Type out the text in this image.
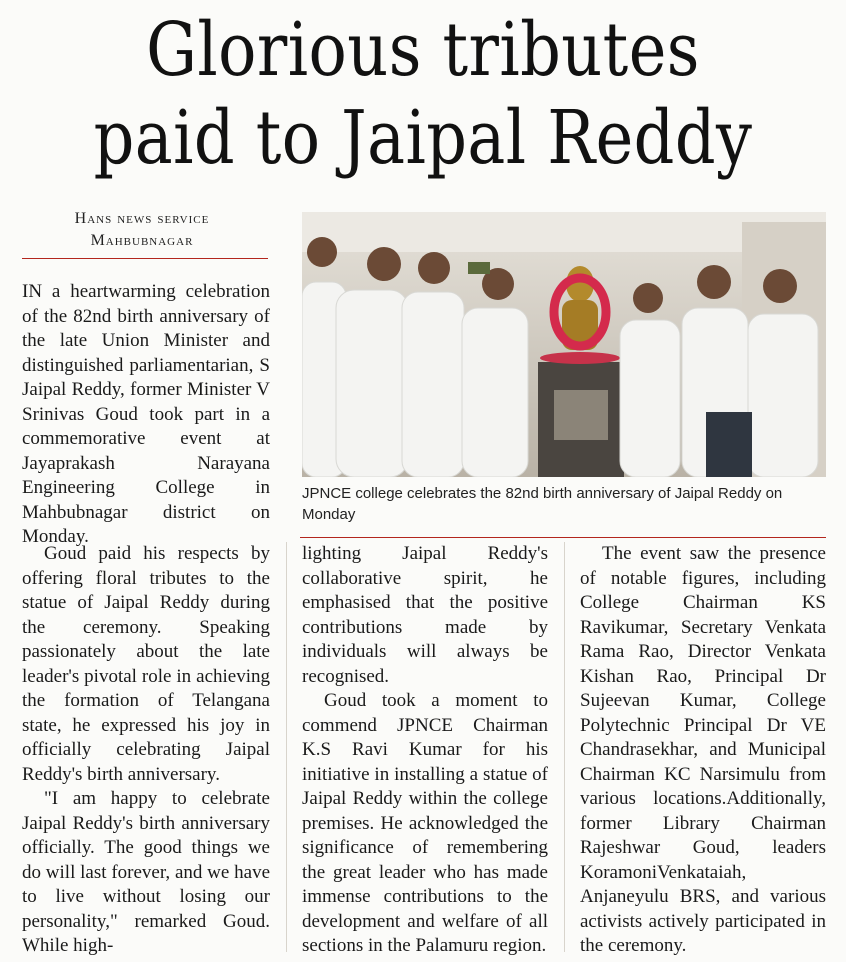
Glorious tributes
paid to Jaipal Reddy
Hans news service
Mahbubnagar
JPNCE college celebrates the 82nd birth anniversary of Jaipal Reddy on Monday

IN a heartwarming celebration of the 82nd birth anniversary of the late Union Minister and distinguished parliamentarian, S Jaipal Reddy, former Minister V Srinivas Goud took part in a commemorative event at Jayaprakash Narayana Engineering College in Mahbubnagar district on Monday.

Goud paid his respects by offering floral tributes to the statue of Jaipal Reddy during the ceremony. Speaking passionately about the late leader's pivotal role in achieving the formation of Telangana state, he expressed his joy in officially celebrating Jaipal Reddy's birth anniversary.

"I am happy to celebrate Jaipal Reddy's birth anniversary officially. The good things we do will last forever, and we have to live without losing our personality," remarked Goud. While high-

lighting Jaipal Reddy's collaborative spirit, he emphasised that the positive contributions made by individuals will always be recognised.

Goud took a moment to commend JPNCE Chairman K.S Ravi Kumar for his initiative in installing a statue of Jaipal Reddy within the college premises. He acknowledged the significance of remembering the great leader who has made immense contributions to the development and welfare of all sections in the Palamuru region.

The event saw the presence of notable figures, including College Chairman KS Ravikumar, Secretary Venkata Rama Rao, Director Venkata Kishan Rao, Principal Dr Sujeevan Kumar, College Polytechnic Principal Dr VE Chandrasekhar, and Municipal Chairman KC Narsimulu from various locations.Additionally, former Library Chairman Rajeshwar Goud, leaders KoramoniVenkataiah, Anjaneyulu BRS, and various activists actively participated in the ceremony.
